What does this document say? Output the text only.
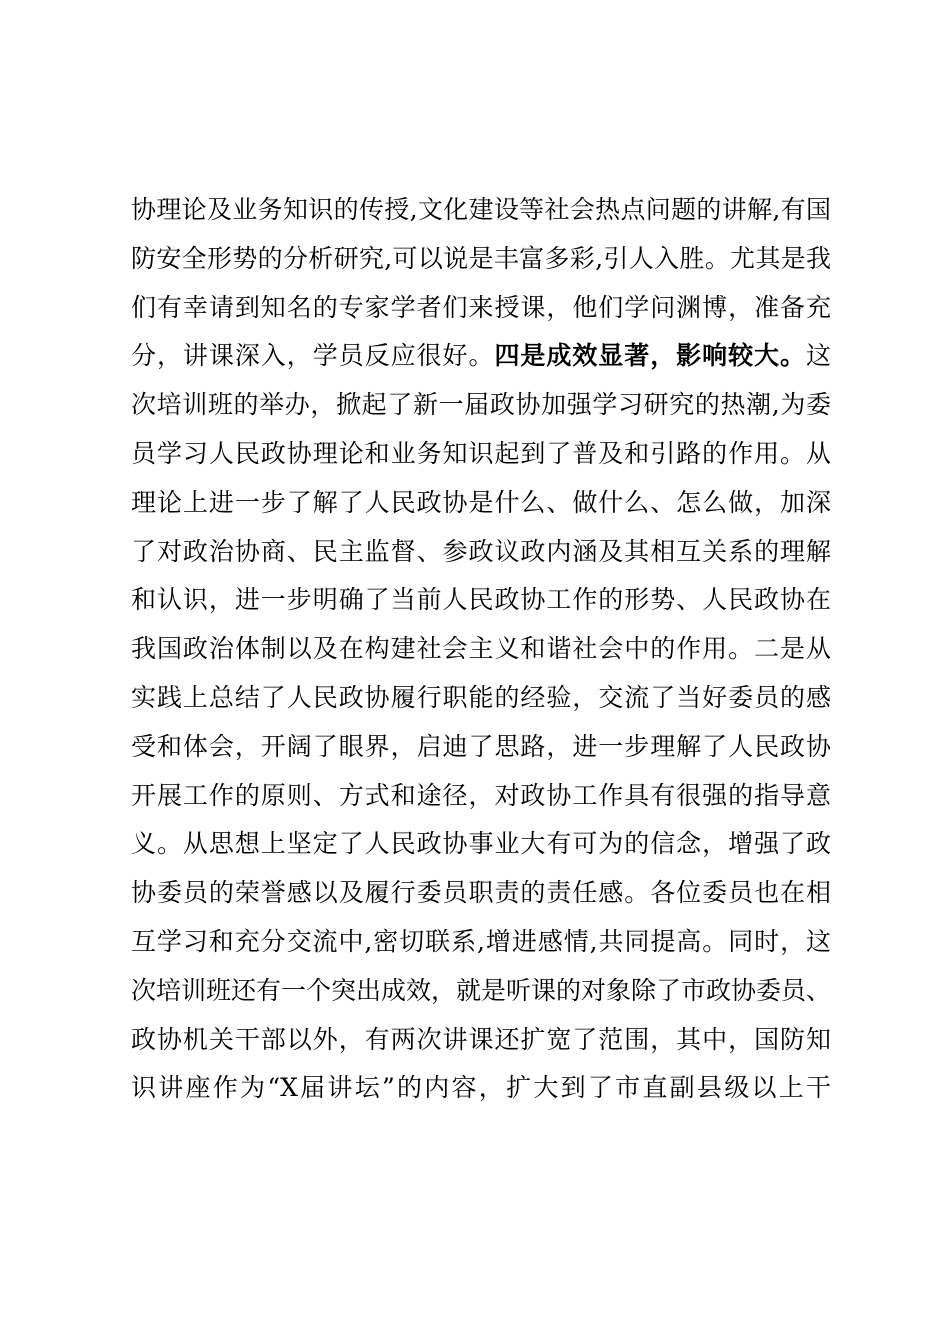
协理论及业务知识的传授,文化建设等社会热点问题的讲解,有国
防安全形势的分析研究,可以说是丰富多彩,引人入胜。尤其是我
们有幸请到知名的专家学者们来授课，他们学问渊博，准备充
分，讲课深入，学员反应很好。四是成效显著，影响较大。这
次培训班的举办，掀起了新一届政协加强学习研究的热潮,为委
员学习人民政协理论和业务知识起到了普及和引路的作用。从
理论上进一步了解了人民政协是什么、做什么、怎么做，加深
了对政治协商、民主监督、参政议政内涵及其相互关系的理解
和认识，进一步明确了当前人民政协工作的形势、人民政协在
我国政治体制以及在构建社会主义和谐社会中的作用。二是从
实践上总结了人民政协履行职能的经验，交流了当好委员的感
受和体会，开阔了眼界，启迪了思路，进一步理解了人民政协
开展工作的原则、方式和途径，对政协工作具有很强的指导意
义。从思想上坚定了人民政协事业大有可为的信念，增强了政
协委员的荣誉感以及履行委员职责的责任感。各位委员也在相
互学习和充分交流中,密切联系,增进感情,共同提高。同时，这
次培训班还有一个突出成效，就是听课的对象除了市政协委员、
政协机关干部以外，有两次讲课还扩宽了范围，其中，国防知
识讲座作为“X届讲坛”的内容，扩大到了市直副县级以上干
